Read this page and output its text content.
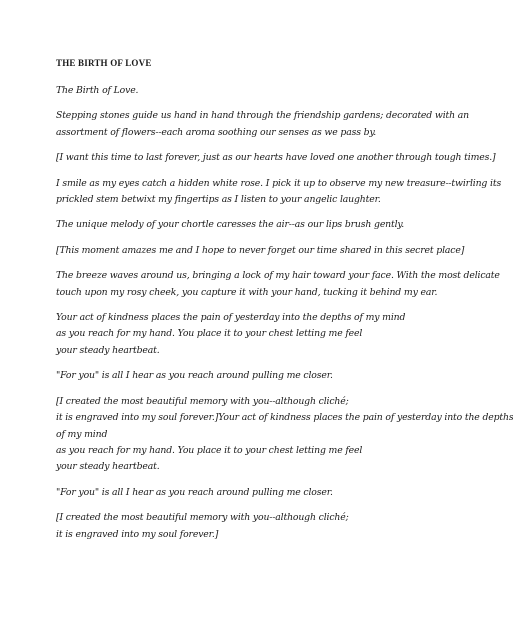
THE BIRTH OF LOVE

The Birth of Love.

Stepping stones guide us hand in hand through the friendship gardens; decorated with an
assortment of flowers--each aroma soothing our senses as we pass by.

[I want this time to last forever, just as our hearts have loved one another through tough times.]

I smile as my eyes catch a hidden white rose. I pick it up to observe my new treasure--twirling its
prickled stem betwixt my fingertips as I listen to your angelic laughter.

The unique melody of your chortle caresses the air--as our lips brush gently.

[This moment amazes me and I hope to never forget our time shared in this secret place]

The breeze waves around us, bringing a lock of my hair toward your face. With the most delicate
touch upon my rosy cheek, you capture it with your hand, tucking it behind my ear.

Your act of kindness places the pain of yesterday into the depths of my mind
as you reach for my hand. You place it to your chest letting me feel
your steady heartbeat.

"For you" is all I hear as you reach around pulling me closer.

[I created the most beautiful memory with you--although cliché;
it is engraved into my soul forever.]Your act of kindness places the pain of yesterday into the depths
of my mind
as you reach for my hand. You place it to your chest letting me feel
your steady heartbeat.

"For you" is all I hear as you reach around pulling me closer.

[I created the most beautiful memory with you--although cliché;
it is engraved into my soul forever.]
